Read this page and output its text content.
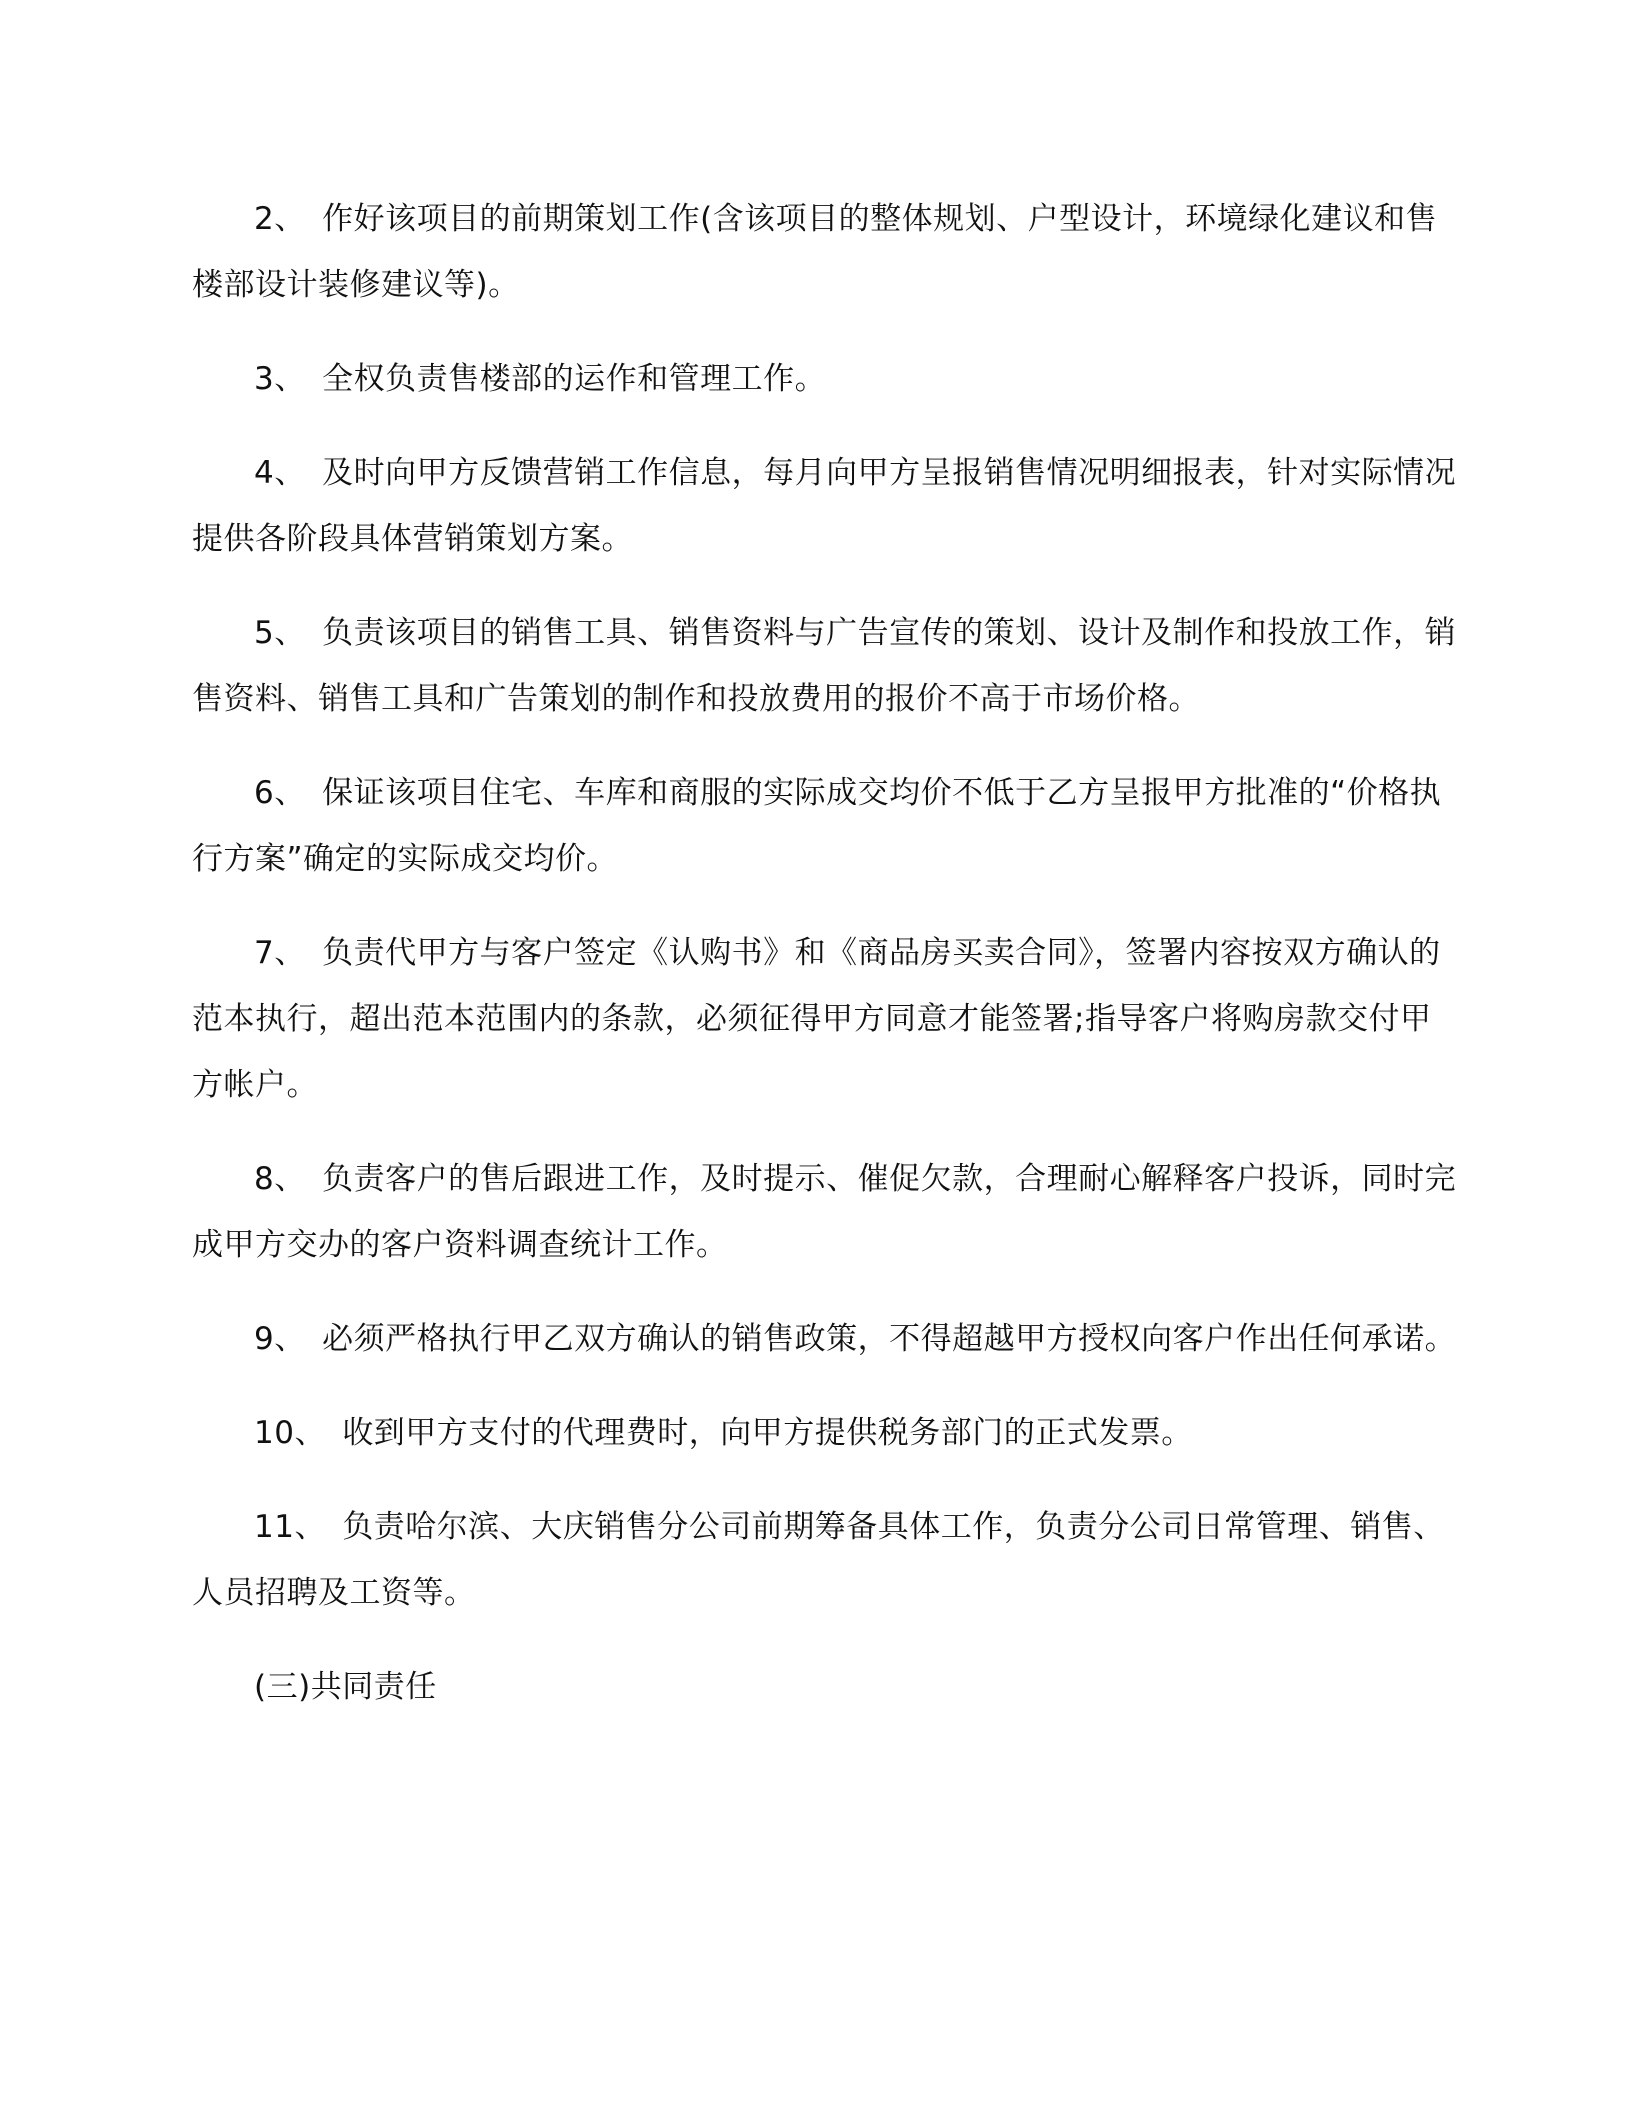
2、 作好该项目的前期策划工作(含该项目的整体规划、户型设计，环境绿化建议和售楼部设计装修建议等)。

3、 全权负责售楼部的运作和管理工作。

4、 及时向甲方反馈营销工作信息，每月向甲方呈报销售情况明细报表，针对实际情况提供各阶段具体营销策划方案。

5、 负责该项目的销售工具、销售资料与广告宣传的策划、设计及制作和投放工作，销售资料、销售工具和广告策划的制作和投放费用的报价不高于市场价格。

6、 保证该项目住宅、车库和商服的实际成交均价不低于乙方呈报甲方批准的“价格执行方案”确定的实际成交均价。

7、 负责代甲方与客户签定《认购书》和《商品房买卖合同》，签署内容按双方确认的范本执行，超出范本范围内的条款，必须征得甲方同意才能签署;指导客户将购房款交付甲方帐户。

8、 负责客户的售后跟进工作，及时提示、催促欠款，合理耐心解释客户投诉，同时完成甲方交办的客户资料调查统计工作。

9、 必须严格执行甲乙双方确认的销售政策，不得超越甲方授权向客户作出任何承诺。

10、 收到甲方支付的代理费时，向甲方提供税务部门的正式发票。

11、 负责哈尔滨、大庆销售分公司前期筹备具体工作，负责分公司日常管理、销售、人员招聘及工资等。

(三)共同责任
